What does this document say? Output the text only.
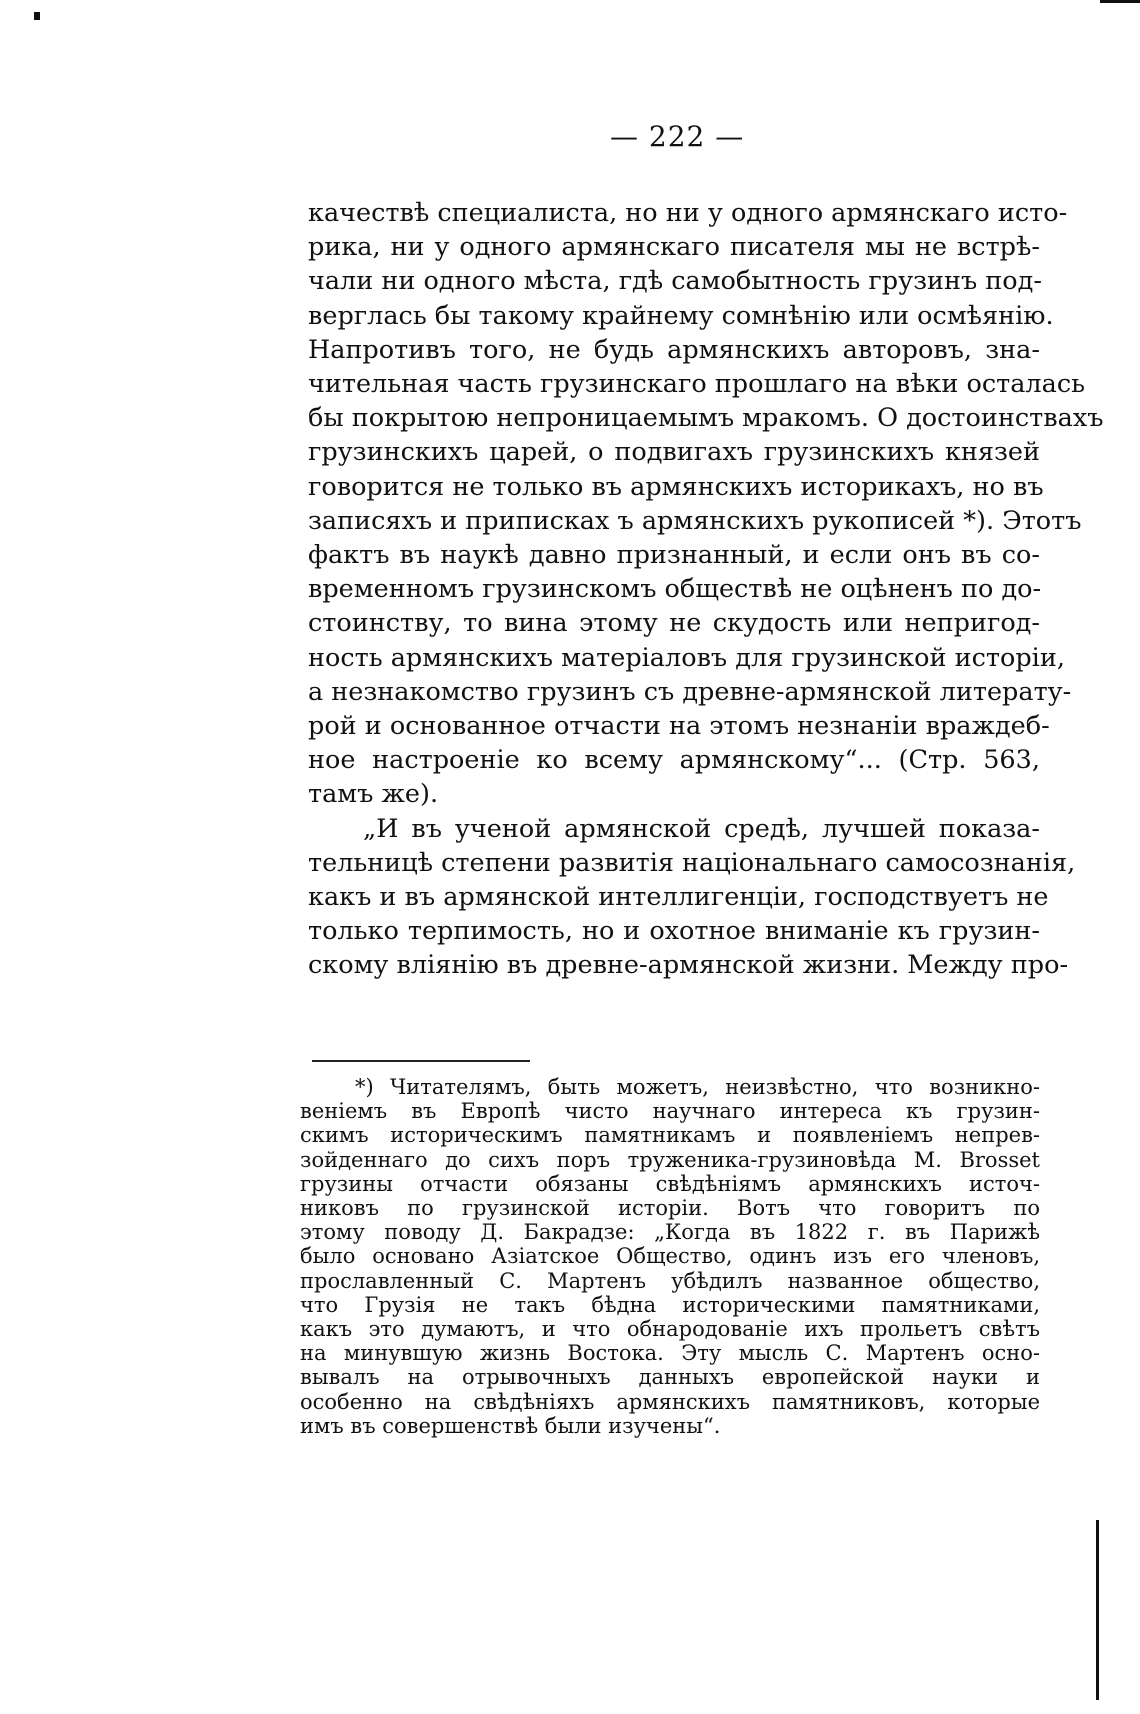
— 222 —
качествѣ специалиста, но ни у одного армянскаго исто-
рика, ни у одного армянскаго писателя мы не встрѣ-
чали ни одного мѣста, гдѣ самобытность грузинъ под-
верглась бы такому крайнему сомнѣнію или осмѣянію.
Напротивъ того, не будь армянскихъ авторовъ, зна-
чительная часть грузинскаго прошлаго на вѣки осталась
бы покрытою непроницаемымъ мракомъ. О достоинствахъ
грузинскихъ царей, о подвигахъ грузинскихъ князей
говорится не только въ армянскихъ историкахъ, но въ
записяхъ и приписках ъ армянскихъ рукописей *). Этотъ
фактъ въ наукѣ давно признанный, и если онъ въ со-
временномъ грузинскомъ обществѣ не оцѣненъ по до-
стоинству, то вина этому не скудость или непригод-
ность армянскихъ матеріаловъ для грузинской исторіи,
а незнакомство грузинъ съ древне-армянской литерату-
рой и основанное отчасти на этомъ незнаніи враждеб-
ное настроеніе ко всему армянскому“... (Стр. 563,
тамъ же).
„И въ ученой армянской средѣ, лучшей показа-
тельницѣ степени развитія національнаго самосознанія,
какъ и въ армянской интеллигенціи, господствуетъ не
только терпимость, но и охотное вниманіе къ грузин-
скому вліянію въ древне-армянской жизни. Между про-
*) Читателямъ, быть можетъ, неизвѣстно, что возникно-
веніемъ въ Европѣ чисто научнаго интереса къ грузин-
скимъ историческимъ памятникамъ и появленіемъ непрев-
зойденнаго до сихъ поръ труженика-грузиновѣда M. Brosset
грузины отчасти обязаны свѣдѣніямъ армянскихъ источ-
никовъ по грузинской исторіи. Вотъ что говоритъ по
этому поводу Д. Бакрадзе: „Когда въ 1822 г. въ Парижѣ
было основано Азіатское Общество, одинъ изъ его членовъ,
прославленный С. Мартенъ убѣдилъ названное общество,
что Грузія не такъ бѣдна историческими памятниками,
какъ это думаютъ, и что обнародованіе ихъ прольетъ свѣтъ
на минувшую жизнь Востока. Эту мысль С. Мартенъ осно-
вывалъ на отрывочныхъ данныхъ европейской науки и
особенно на свѣдѣніяхъ армянскихъ памятниковъ, которые
имъ въ совершенствѣ были изучены“.
